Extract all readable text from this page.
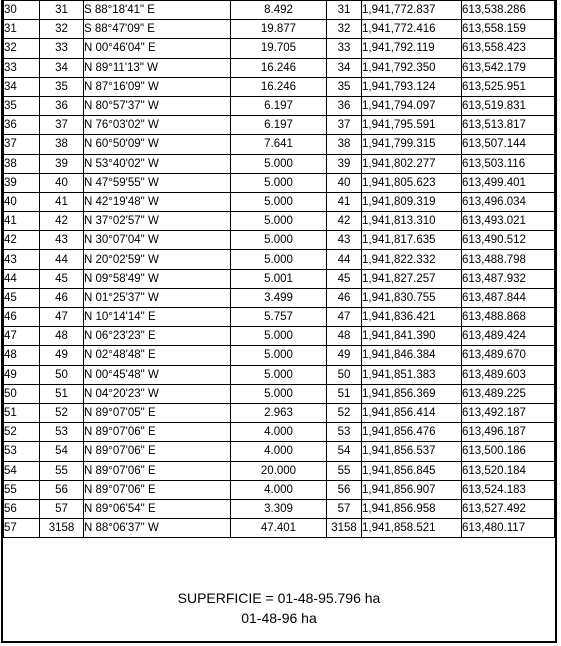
30	31	S 88°18'41" E	8.492	31	1,941,772.837	613,538.286
31	32	S 88°47'09" E	19.877	32	1,941,772.416	613,558.159
32	33	N 00°46'04" E	19.705	33	1,941,792.119	613,558.423
33	34	N 89°11'13" W	16.246	34	1,941,792.350	613,542.179
34	35	N 87°16'09" W	16.246	35	1,941,793.124	613,525.951
35	36	N 80°57'37" W	6.197	36	1,941,794.097	613,519.831
36	37	N 76°03'02" W	6.197	37	1,941,795.591	613,513.817
37	38	N 60°50'09" W	7.641	38	1,941,799.315	613,507.144
38	39	N 53°40'02" W	5.000	39	1,941,802.277	613,503.116
39	40	N 47°59'55" W	5.000	40	1,941,805.623	613,499.401
40	41	N 42°19'48" W	5.000	41	1,941,809.319	613,496.034
41	42	N 37°02'57" W	5.000	42	1,941,813.310	613,493.021
42	43	N 30°07'04" W	5.000	43	1,941,817.635	613,490.512
43	44	N 20°02'59" W	5.000	44	1,941,822.332	613,488.798
44	45	N 09°58'49" W	5.001	45	1,941,827.257	613,487.932
45	46	N 01°25'37" W	3.499	46	1,941,830.755	613,487.844
46	47	N 10°14'14" E	5.757	47	1,941,836.421	613,488.868
47	48	N 06°23'23" E	5.000	48	1,941,841.390	613,489.424
48	49	N 02°48'48" E	5.000	49	1,941,846.384	613,489.670
49	50	N 00°45'48" W	5.000	50	1,941,851.383	613,489.603
50	51	N 04°20'23" W	5.000	51	1,941,856.369	613,489.225
51	52	N 89°07'05" E	2.963	52	1,941,856.414	613,492.187
52	53	N 89°07'06" E	4.000	53	1,941,856.476	613,496.187
53	54	N 89°07'06" E	4.000	54	1,941,856.537	613,500.186
54	55	N 89°07'06" E	20.000	55	1,941,856.845	613,520.184
55	56	N 89°07'06" E	4.000	56	1,941,856.907	613,524.183
56	57	N 89°06'54" E	3.309	57	1,941,856.958	613,527.492
57	3158	N 88°06'37" W	47.401	3158	1,941,858.521	613,480.117
SUPERFICIE = 01-48-95.796 ha
01-48-96 ha
